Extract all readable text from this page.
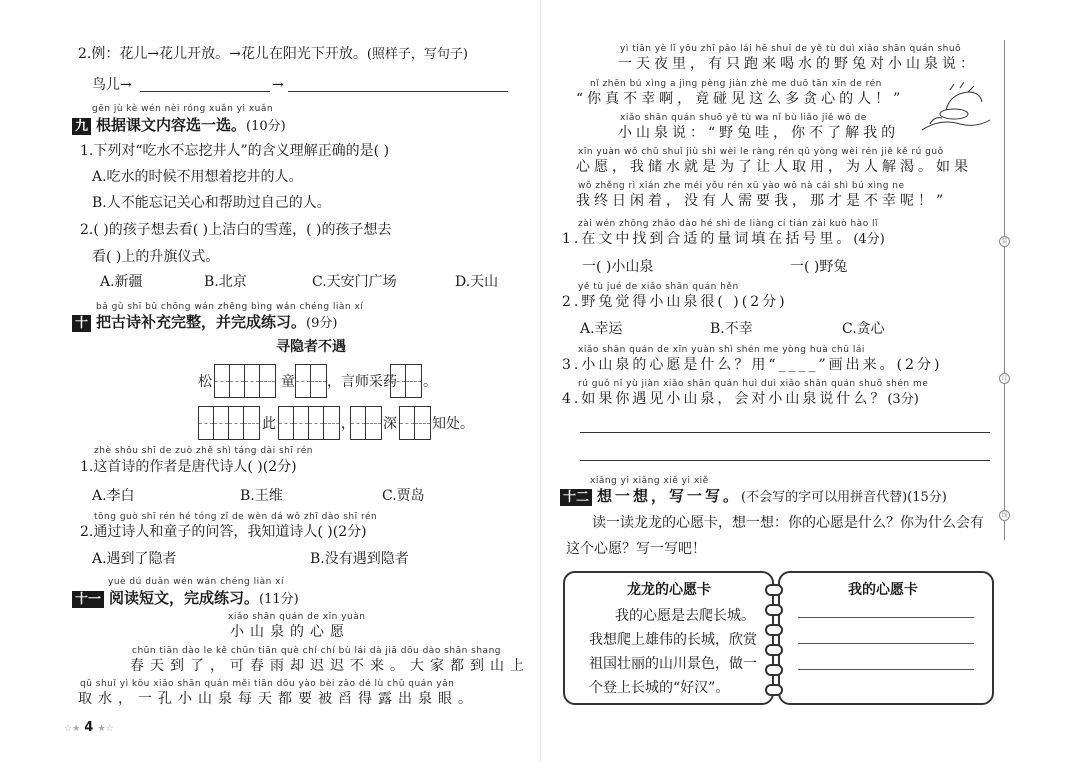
2.例：花儿→花儿开放。→花儿在阳光下开放。(照样子，写句子)
鸟儿→	→
gēn jù kè wén nèi róng xuǎn yi xuǎn
九 根据课文内容选一选。(10分)
1.下列对“吃水不忘挖井人”的含义理解正确的是( )
A.吃水的时候不用想着挖井的人。
B.人不能忘记关心和帮助过自己的人。
2.( )的孩子想去看( )上洁白的雪莲，( )的孩子想去
看( )上的升旗仪式。
A.新疆	B.北京	C.天安门广场	D.天山
bǎ gǔ shī bǔ chōng wán zhěng bìng wán chéng liàn xí
十 把古诗补充完整，并完成练习。(9分)
寻隐者不遇
松	童 ，言师采药 。
此	， 深	知处。
zhè shǒu shī de zuò zhě shì táng dài shī rén
1.这首诗的作者是唐代诗人( )(2分)
A.李白	B.王维	C.贾岛
tōng guò shī rén hé tóng zǐ de wèn dá wǒ zhī dào shī rén
2.通过诗人和童子的问答，我知道诗人( )(2分)
A.遇到了隐者	B.没有遇到隐者
yuè dú duǎn wén wán chéng liàn xí
十一 阅读短文，完成练习。(11分)
xiǎo shān quán de xīn yuàn
小山泉的心愿
chūn tiān dào le kě chūn tiān què chí chí bù lái dà jiā dōu dào shān shang
春天到了，可春雨却迟迟不来。大家都到山上
qǔ shuǐ yì kǒu xiǎo shān quán měi tiān dōu yào bèi zǎo dé lù chū quán yǎn
取水，一孔小山泉每天都要被舀得露出泉眼。
☆★ 4 ★☆
yì tiān yè lǐ yǒu zhī pǎo lái hē shuǐ de yě tù duì xiǎo shān quán shuō
一天夜里，有只跑来喝水的野兔对小山泉说：
nǐ zhēn bú xìng a jìng pèng jiàn zhè me duō tān xīn de rén
“你真不幸啊，竟碰见这么多贪心的人！”
xiǎo shān quán shuō yě tù wa nǐ bù liǎo jiě wǒ de
小山泉说：“野兔哇，你不了解我的
xīn yuàn wǒ chǔ shuǐ jiù shì wèi le ràng rén qǔ yòng wèi rén jiě kě rú guǒ
心愿，我储水就是为了让人取用，为人解渴。如果
wǒ zhěng rì xián zhe méi yǒu rén xū yào wǒ nà cái shì bú xìng ne
我终日闲着，没有人需要我，那才是不幸呢！”
zài wén zhōng zhǎo dào hé shì de liàng cí tián zài kuò hào lǐ
1.在文中找到合适的量词填在括号里。(4分)
一( )小山泉	一( )野兔
yě tù jué de xiǎo shān quán hěn
2.野兔觉得小山泉很( )(2分)
A.幸运	B.不幸	C.贪心
xiǎo shān quán de xīn yuàn shì shén me yòng huà chū lái
3.小山泉的心愿是什么？用“____”画出来。(2分)
rú guǒ nǐ yù jiàn xiǎo shān quán huì duì xiǎo shān quán shuō shén me
4.如果你遇见小山泉，会对小山泉说什么？(3分)
xiǎng yi xiǎng xiě yi xiě
十二 想一想，写一写。(不会写的字可以用拼音代替)(15分)
读一读龙龙的心愿卡，想一想：你的心愿是什么？你为什么会有
这个心愿？写一写吧！
龙龙的心愿卡
我的心愿是去爬长城。
我想爬上雄伟的长城，欣赏
祖国壮丽的山川景色，做一
个登上长城的“好汉”。
我的心愿卡
装
订
线
